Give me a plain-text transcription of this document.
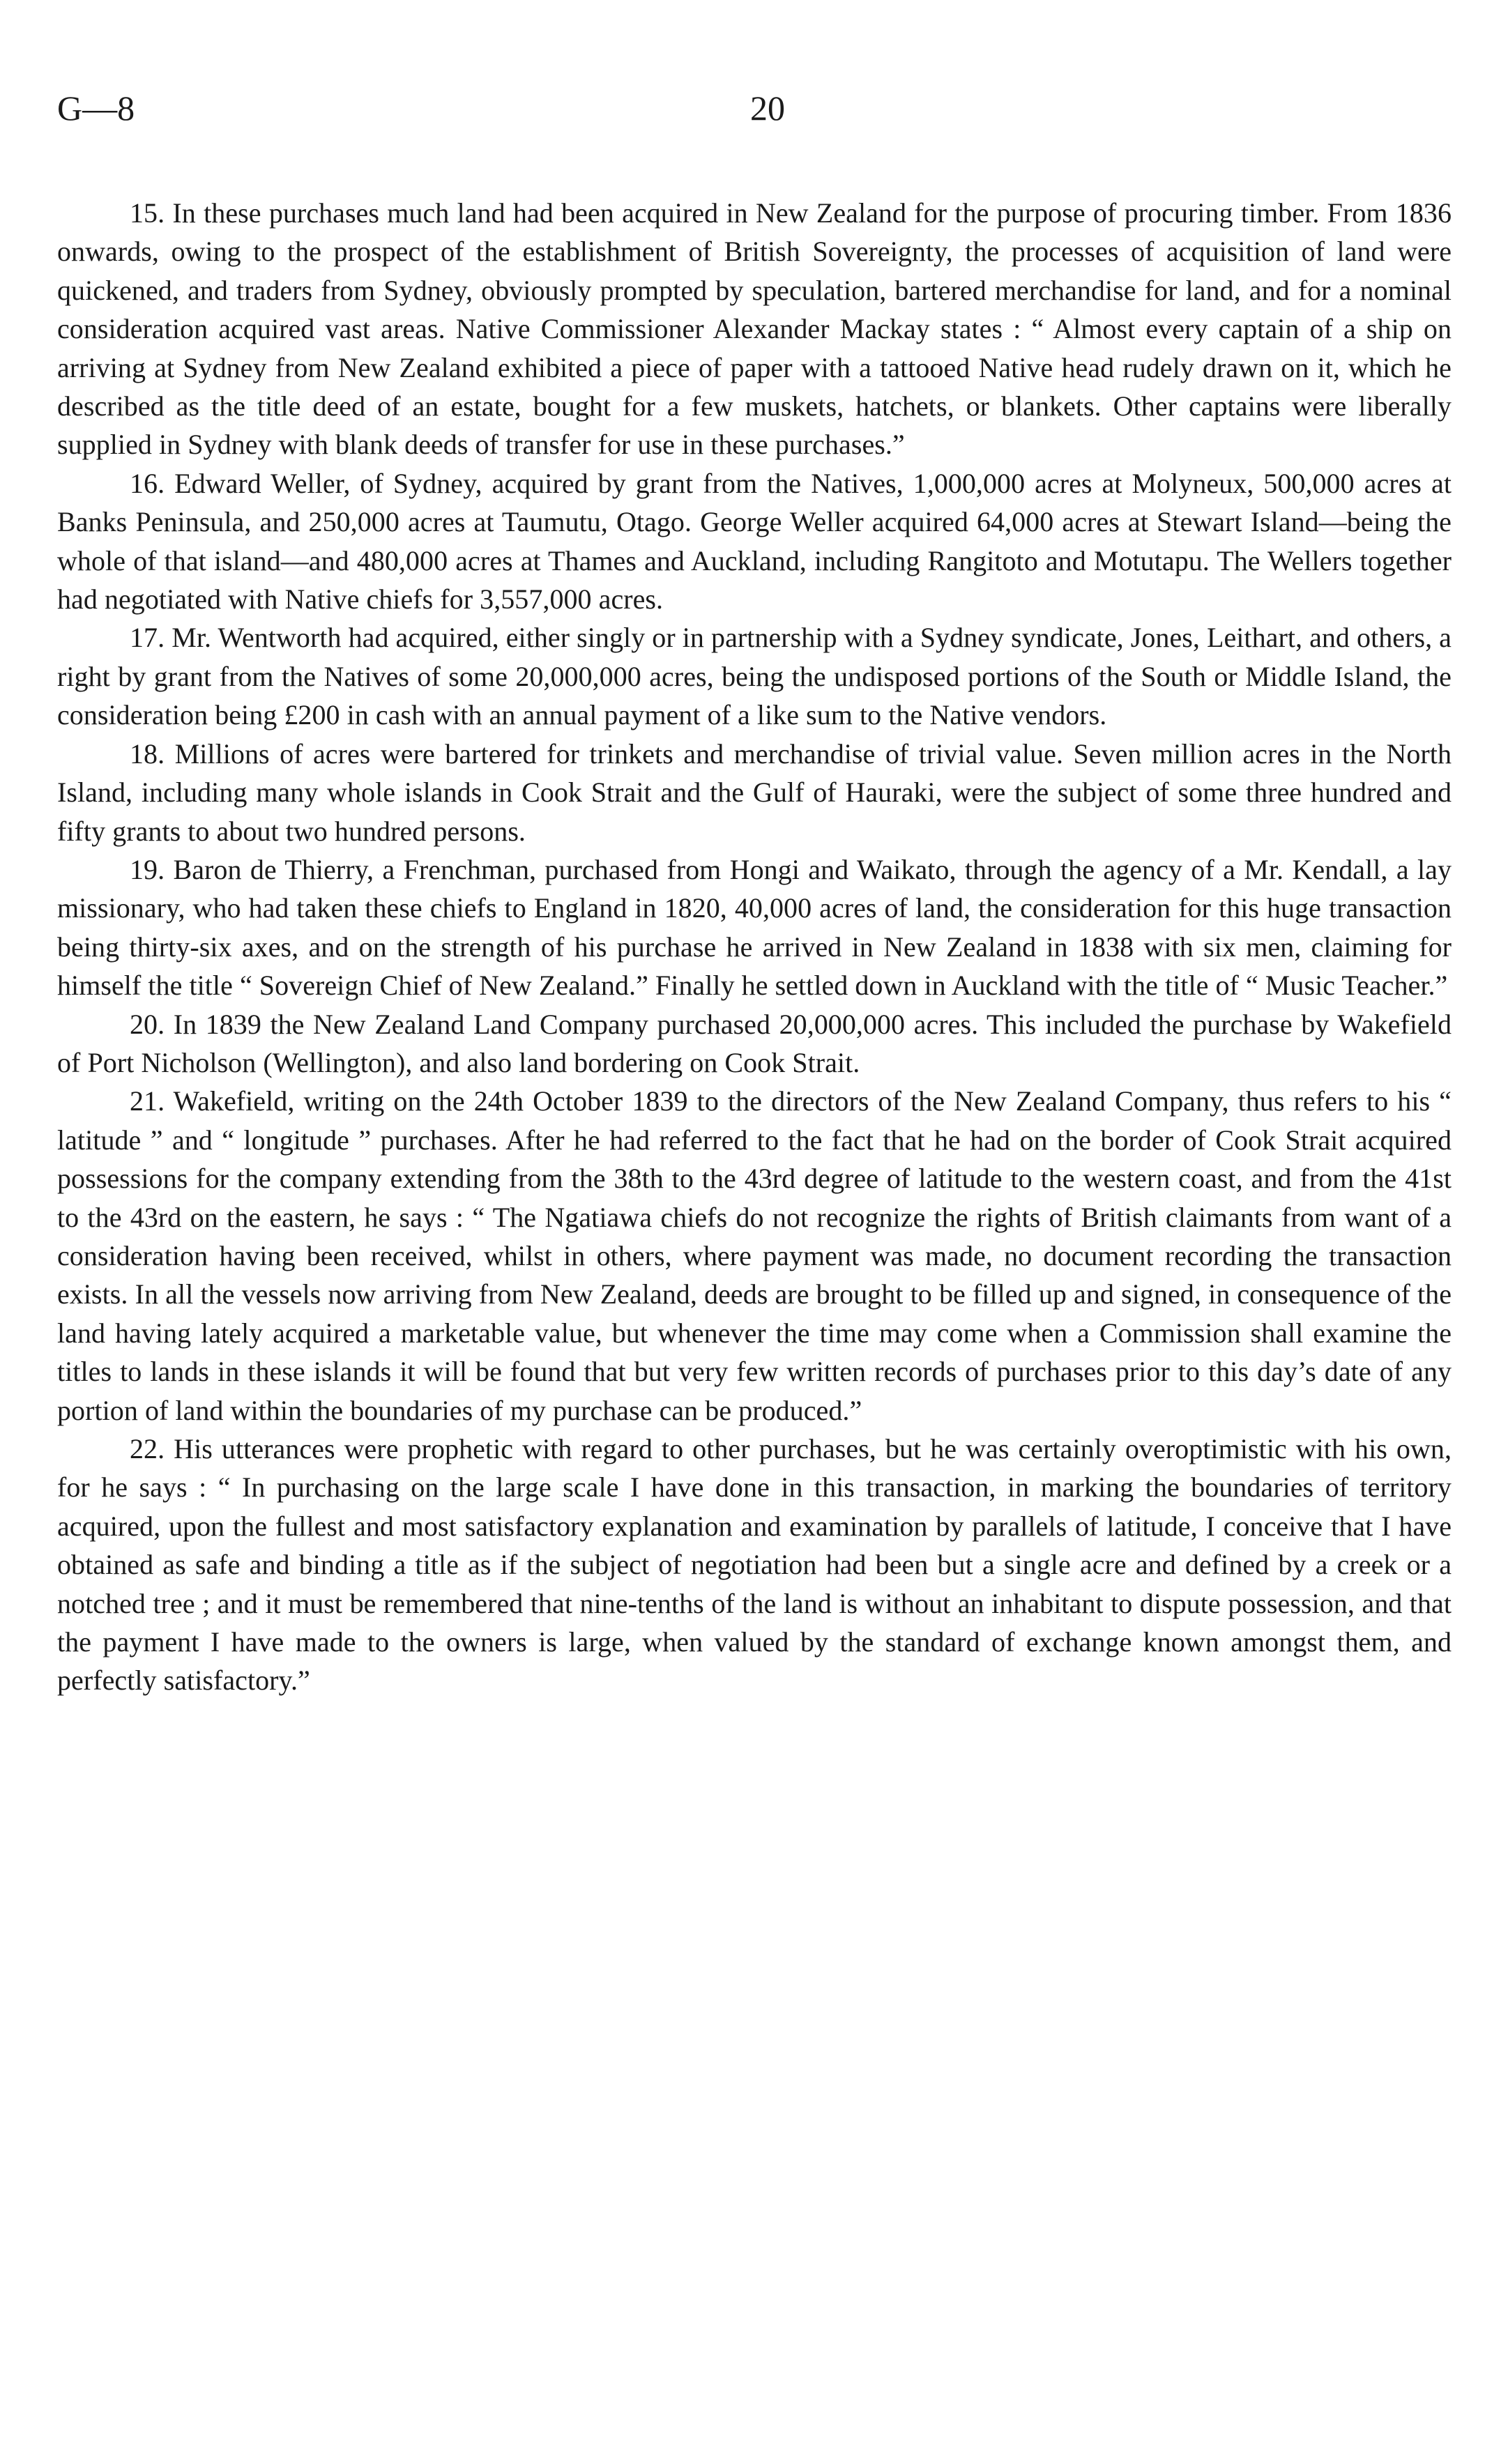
G—8	20

15. In these purchases much land had been acquired in New Zealand for the purpose of procuring timber. From 1836 onwards, owing to the prospect of the establishment of British Sovereignty, the processes of acquisition of land were quickened, and traders from Sydney, obviously prompted by speculation, bartered merchandise for land, and for a nominal consideration acquired vast areas. Native Commissioner Alexander Mackay states : “ Almost every captain of a ship on arriving at Sydney from New Zealand exhibited a piece of paper with a tattooed Native head rudely drawn on it, which he described as the title deed of an estate, bought for a few muskets, hatchets, or blankets. Other captains were liberally supplied in Sydney with blank deeds of transfer for use in these purchases.”

16. Edward Weller, of Sydney, acquired by grant from the Natives, 1,000,000 acres at Molyneux, 500,000 acres at Banks Peninsula, and 250,000 acres at Taumutu, Otago. George Weller acquired 64,000 acres at Stewart Island—being the whole of that island—and 480,000 acres at Thames and Auckland, including Rangitoto and Motutapu. The Wellers together had negotiated with Native chiefs for 3,557,000 acres.

17. Mr. Wentworth had acquired, either singly or in partnership with a Sydney syndicate, Jones, Leithart, and others, a right by grant from the Natives of some 20,000,000 acres, being the undisposed portions of the South or Middle Island, the consideration being £200 in cash with an annual payment of a like sum to the Native vendors.

18. Millions of acres were bartered for trinkets and merchandise of trivial value. Seven million acres in the North Island, including many whole islands in Cook Strait and the Gulf of Hauraki, were the subject of some three hundred and fifty grants to about two hundred persons.

19. Baron de Thierry, a Frenchman, purchased from Hongi and Waikato, through the agency of a Mr. Kendall, a lay missionary, who had taken these chiefs to England in 1820, 40,000 acres of land, the consideration for this huge transaction being thirty-six axes, and on the strength of his purchase he arrived in New Zealand in 1838 with six men, claiming for himself the title “ Sovereign Chief of New Zealand.” Finally he settled down in Auckland with the title of “ Music Teacher.”

20. In 1839 the New Zealand Land Company purchased 20,000,000 acres. This included the purchase by Wakefield of Port Nicholson (Wellington), and also land bordering on Cook Strait.

21. Wakefield, writing on the 24th October 1839 to the directors of the New Zealand Company, thus refers to his “ latitude ” and “ longitude ” purchases. After he had referred to the fact that he had on the border of Cook Strait acquired possessions for the company extending from the 38th to the 43rd degree of latitude to the western coast, and from the 41st to the 43rd on the eastern, he says : “ The Ngatiawa chiefs do not recognize the rights of British claimants from want of a consideration having been received, whilst in others, where payment was made, no document recording the transaction exists. In all the vessels now arriving from New Zealand, deeds are brought to be filled up and signed, in consequence of the land having lately acquired a marketable value, but whenever the time may come when a Commission shall examine the titles to lands in these islands it will be found that but very few written records of purchases prior to this day’s date of any portion of land within the boundaries of my purchase can be produced.”

22. His utterances were prophetic with regard to other purchases, but he was certainly overoptimistic with his own, for he says : “ In purchasing on the large scale I have done in this transaction, in marking the boundaries of territory acquired, upon the fullest and most satisfactory explanation and examination by parallels of latitude, I conceive that I have obtained as safe and binding a title as if the subject of negotiation had been but a single acre and defined by a creek or a notched tree ; and it must be remembered that nine-tenths of the land is without an inhabitant to dispute possession, and that the payment I have made to the owners is large, when valued by the standard of exchange known amongst them, and perfectly satisfactory.”
